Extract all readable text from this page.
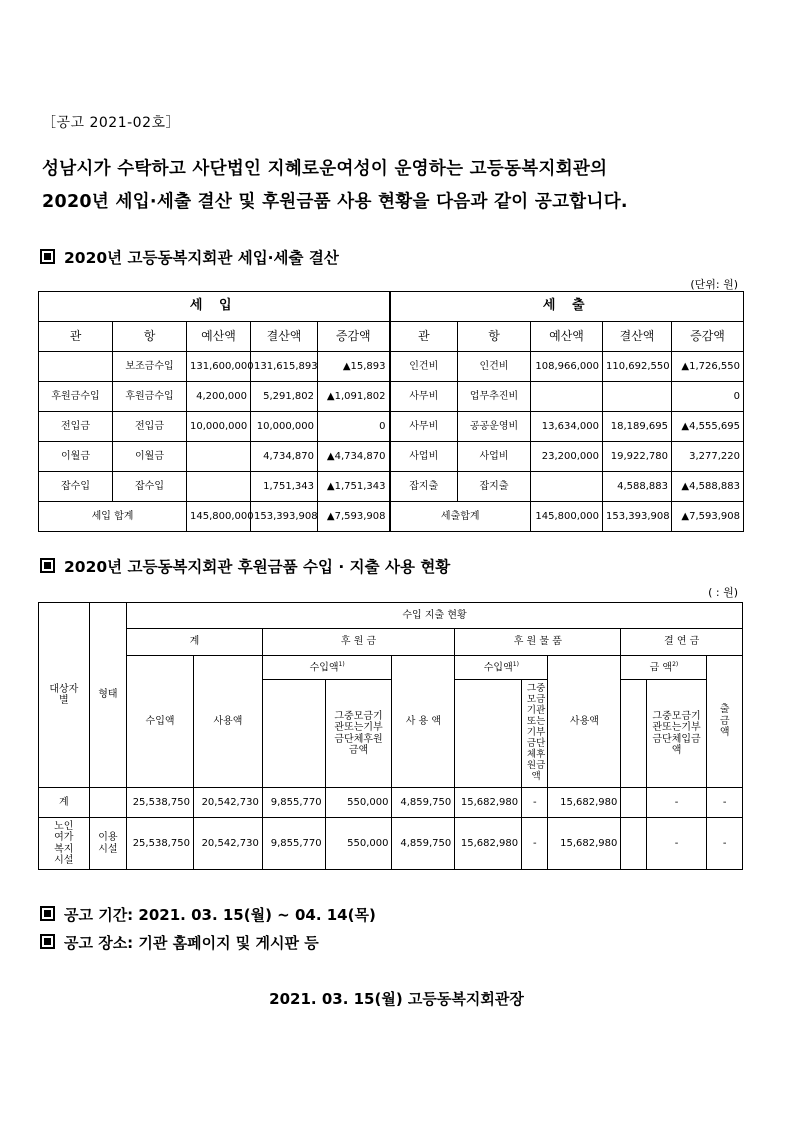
［공고 2021-02호］
성남시가 수탁하고 사단법인 지혜로운여성이 운영하는 고등동복지회관의
2020년 세입·세출 결산 및 후원금품 사용 현황을 다음과 같이 공고합니다.
2020년 고등동복지회관 세입·세출 결산
(단위: 원)
세 입					세 출				
관	항	예산액	결산액	증감액	관	항	예산액	결산액	증감액
	보조금수입	131,600,000	131,615,893	▲15,893	인건비	인건비	108,966,000	110,692,550	▲1,726,550
후원금수입	후원금수입	4,200,000	5,291,802	▲1,091,802	사무비	업무추진비			0
전입금	전입금	10,000,000	10,000,000	0	사무비	공공운영비	13,634,000	18,189,695	▲4,555,695
이월금	이월금		4,734,870	▲4,734,870	사업비	사업비	23,200,000	19,922,780	3,277,220
잡수입	잡수입		1,751,343	▲1,751,343	잡지출	잡지출		4,588,883	▲4,588,883
세입 합계		145,800,000	153,393,908	▲7,593,908	세출합계		145,800,000	153,393,908	▲7,593,908
2020년 고등동복지회관 후원금품 수입 · 지출 사용 현황
( : 원)
대상자별	형태	수입 지출 현황										
		계		후 원 금			후 원 물 품			결 연 금		
		수입액	사용액	수입액$^{1)}$		사 용 액	수입액$^{1)}$		사용액	금 액$^{2)}$		출금액
					그중모금기관또는기부금단체후원금액			그중모금기관또는기부금단체후원금액			그중모금기관또는기부금단체입금액	
계		25,538,750	20,542,730	9,855,770	550,000	4,859,750	15,682,980	-	15,682,980		-	-
노인여가복지시설	이용시설	25,538,750	20,542,730	9,855,770	550,000	4,859,750	15,682,980	-	15,682,980		-	-
공고 기간: 2021. 03. 15(월) ~ 04. 14(목)
공고 장소: 기관 홈페이지 및 게시판 등
2021. 03. 15(월) 고등동복지회관장
